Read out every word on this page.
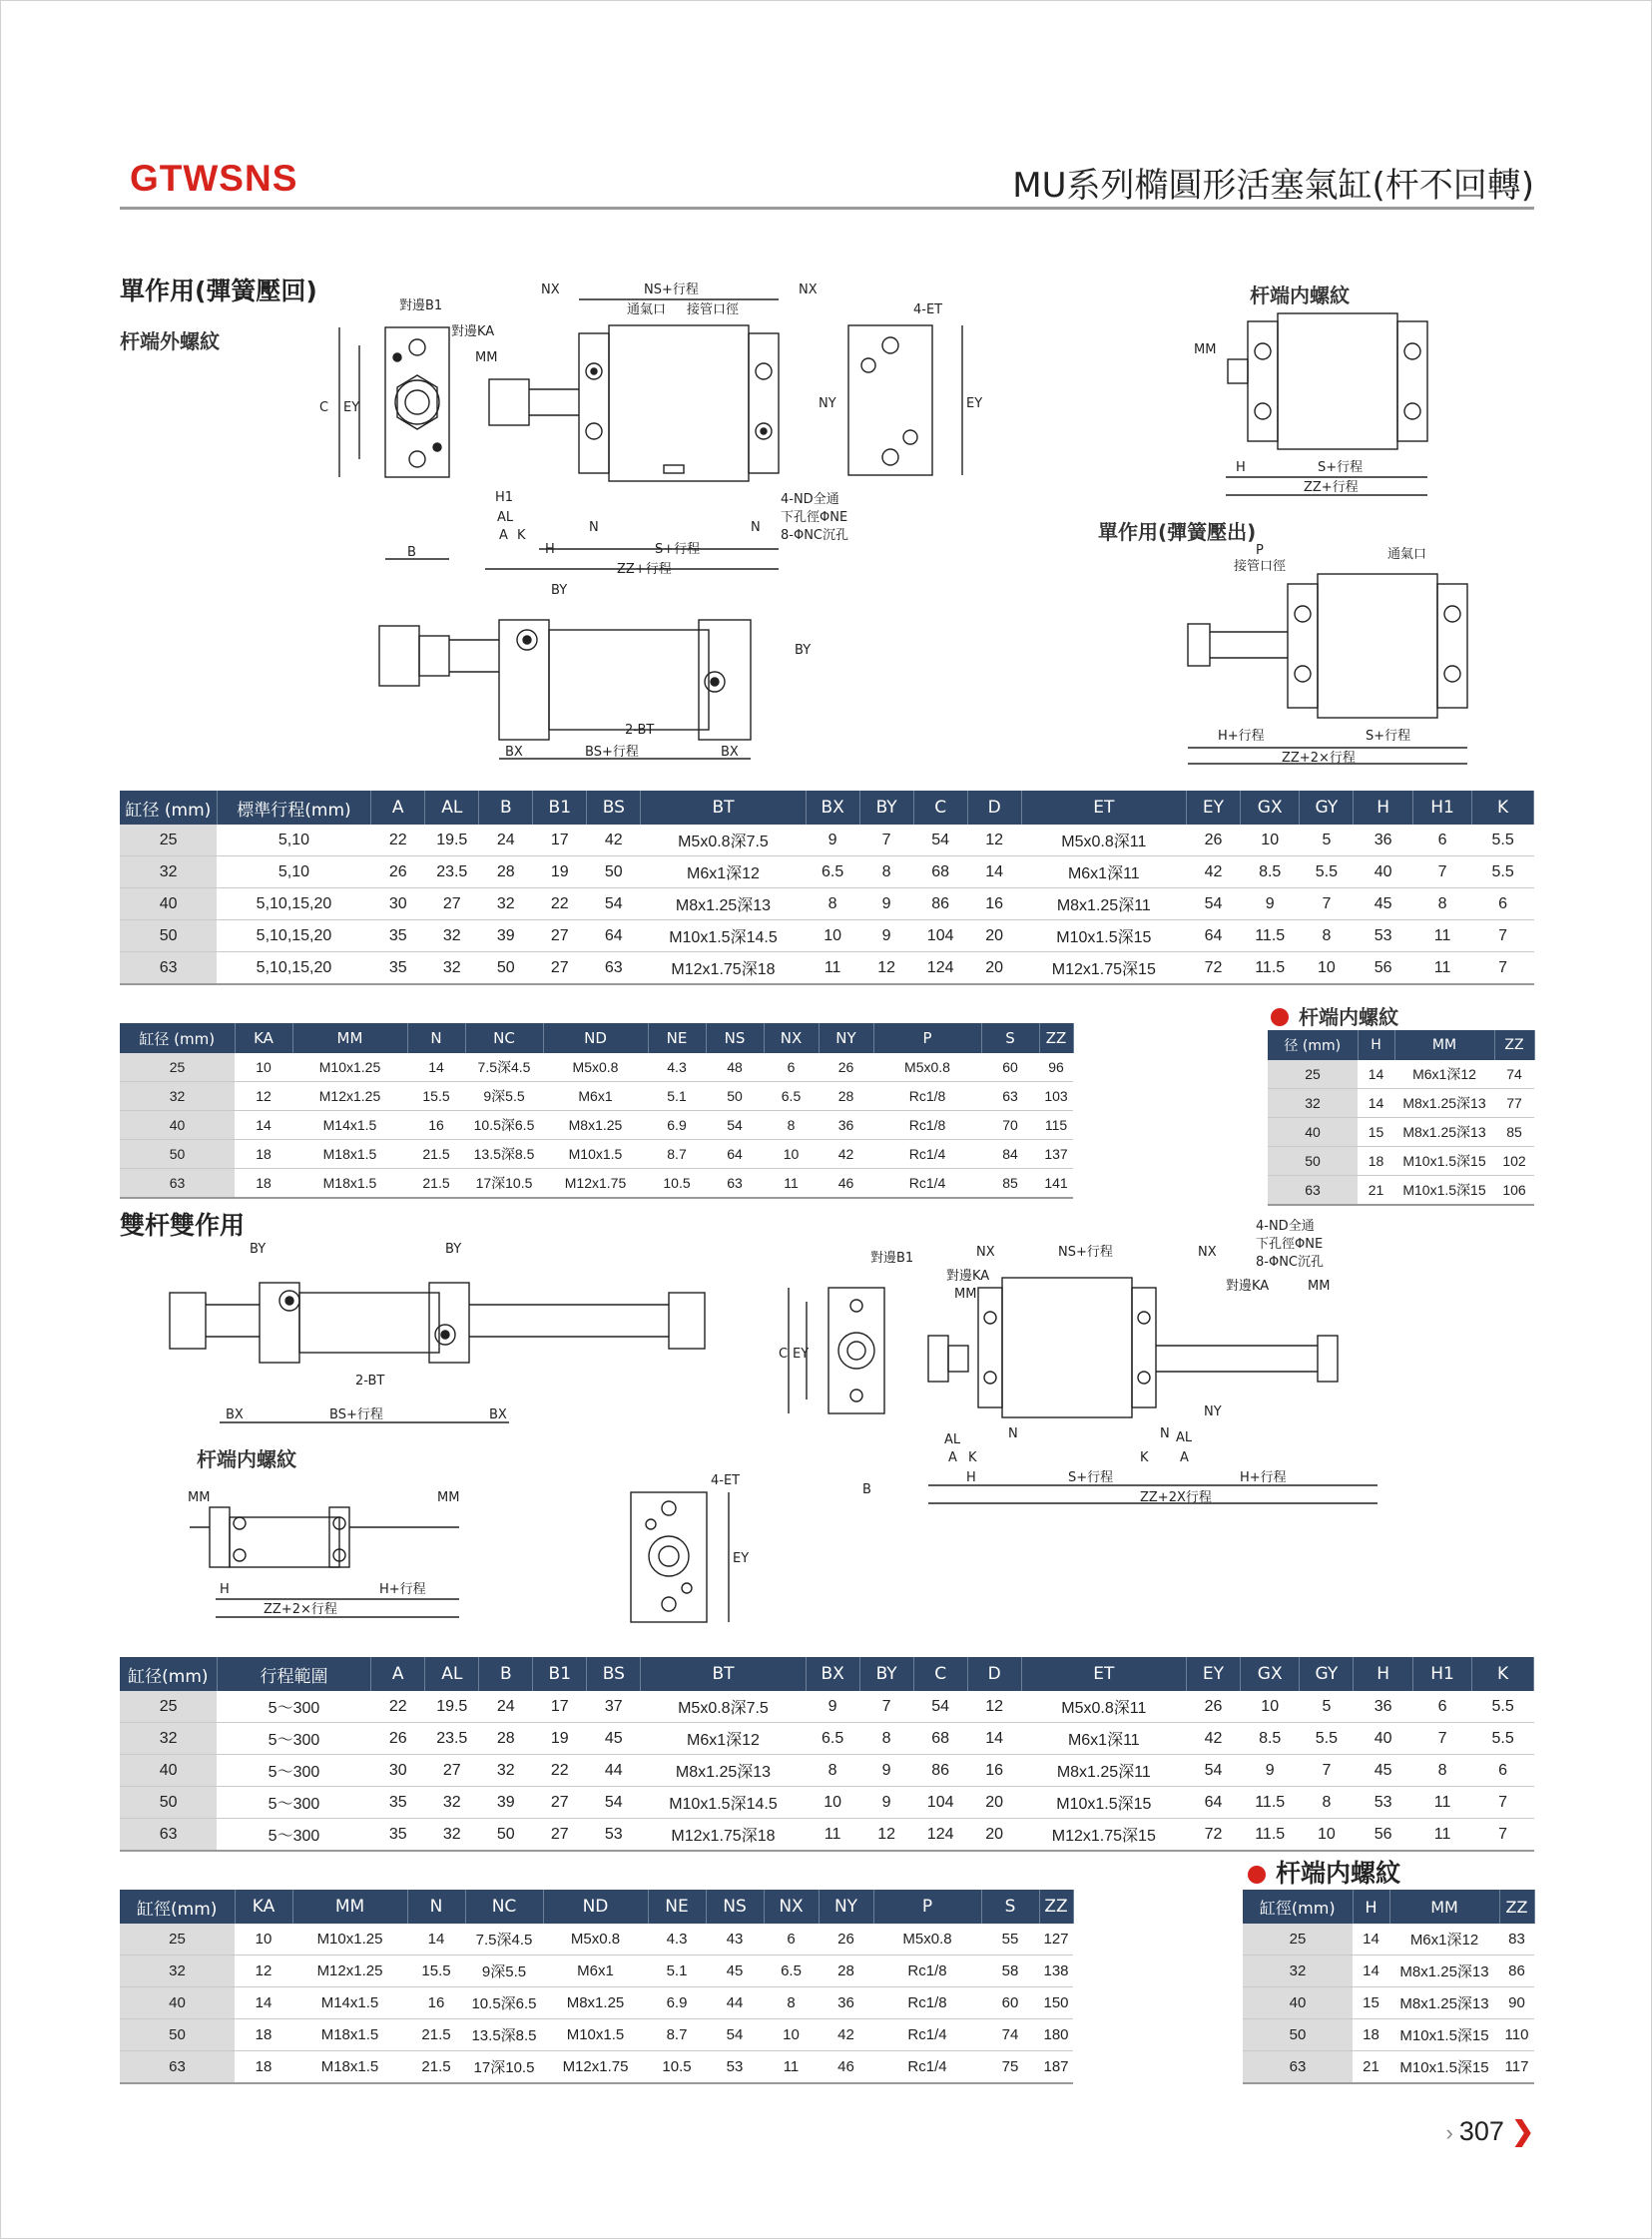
GTWSNS	MU系列橢圓形活塞氣缸(杆不回轉)
單作用(彈簧壓回)
杆端外螺紋
杆端内螺紋
單作用(彈簧壓出)
雙杆雙作用
杆端内螺紋
C EY
B
對邊B1
對邊KA
MM
NX	NS+行程	NX
通氣口 接管口徑	4-ET
EY
NY
H1
AL
A K
H
N	N
S+行程
ZZ+行程
4-ND全通
下孔徑ΦNE
8-ΦNC沉孔
BY
BY
2-BT
BX	BS+行程	BX
MM
H	S+行程
ZZ+行程
P
接管口徑
通氣口
H+行程	S+行程
ZZ+2×行程
BY	BY
2-BT
BX	BS+行程	BX
MM	MM
H	H+行程
ZZ+2×行程
4-ET
EY
C EY
B
對邊B1
對邊KA
MM
NX	NS+行程	NX
4-ND全通
下孔徑ΦNE
8-ΦNC沉孔
對邊KA	MM
NY
AL
A K
N	N
H	S+行程	H+行程
K A
AL
ZZ+2X行程
缸径 (mm)	標準行程(mm)	A	AL	B	B1	BS	BT	BX	BY	C	D	ET	EY	GX	GY	H	H1	K
25	5,10	22	19.5	24	17	42	M5x0.8深7.5	9	7	54	12	M5x0.8深11	26	10	5	36	6	5.5
32	5,10	26	23.5	28	19	50	M6x1深12	6.5	8	68	14	M6x1深11	42	8.5	5.5	40	7	5.5
40	5,10,15,20	30	27	32	22	54	M8x1.25深13	8	9	86	16	M8x1.25深11	54	9	7	45	8	6
50	5,10,15,20	35	32	39	27	64	M10x1.5深14.5	10	9	104	20	M10x1.5深15	64	11.5	8	53	11	7
63	5,10,15,20	35	32	50	27	63	M12x1.75深18	11	12	124	20	M12x1.75深15	72	11.5	10	56	11	7
缸径 (mm)	KA	MM	N	NC	ND	NE	NS	NX	NY	P	S	ZZ
25	10	M10x1.25	14	7.5深4.5	M5x0.8	4.3	48	6	26	M5x0.8	60	96
32	12	M12x1.25	15.5	9深5.5	M6x1	5.1	50	6.5	28	Rc1/8	63	103
40	14	M14x1.5	16	10.5深6.5	M8x1.25	6.9	54	8	36	Rc1/8	70	115
50	18	M18x1.5	21.5	13.5深8.5	M10x1.5	8.7	64	10	42	Rc1/4	84	137
63	18	M18x1.5	21.5	17深10.5	M12x1.75	10.5	63	11	46	Rc1/4	85	141
杆端内螺紋
径 (mm)	H	MM	ZZ
25	14	M6x1深12	74
32	14	M8x1.25深13	77
40	15	M8x1.25深13	85
50	18	M10x1.5深15	102
63	21	M10x1.5深15	106
缸径(mm)	行程範圍	A	AL	B	B1	BS	BT	BX	BY	C	D	ET	EY	GX	GY	H	H1	K
25	5～300	22	19.5	24	17	37	M5x0.8深7.5	9	7	54	12	M5x0.8深11	26	10	5	36	6	5.5
32	5～300	26	23.5	28	19	45	M6x1深12	6.5	8	68	14	M6x1深11	42	8.5	5.5	40	7	5.5
40	5～300	30	27	32	22	44	M8x1.25深13	8	9	86	16	M8x1.25深11	54	9	7	45	8	6
50	5～300	35	32	39	27	54	M10x1.5深14.5	10	9	104	20	M10x1.5深15	64	11.5	8	53	11	7
63	5～300	35	32	50	27	53	M12x1.75深18	11	12	124	20	M12x1.75深15	72	11.5	10	56	11	7
杆端内螺紋
缸徑(mm)	KA	MM	N	NC	ND	NE	NS	NX	NY	P	S	ZZ
25	10	M10x1.25	14	7.5深4.5	M5x0.8	4.3	43	6	26	M5x0.8	55	127
32	12	M12x1.25	15.5	9深5.5	M6x1	5.1	45	6.5	28	Rc1/8	58	138
40	14	M14x1.5	16	10.5深6.5	M8x1.25	6.9	44	8	36	Rc1/8	60	150
50	18	M18x1.5	21.5	13.5深8.5	M10x1.5	8.7	54	10	42	Rc1/4	74	180
63	18	M18x1.5	21.5	17深10.5	M12x1.75	10.5	53	11	46	Rc1/4	75	187
缸徑(mm)	H	MM	ZZ
25	14	M6x1深12	83
32	14	M8x1.25深13	86
40	15	M8x1.25深13	90
50	18	M10x1.5深15	110
63	21	M10x1.5深15	117
› 307 ❯
